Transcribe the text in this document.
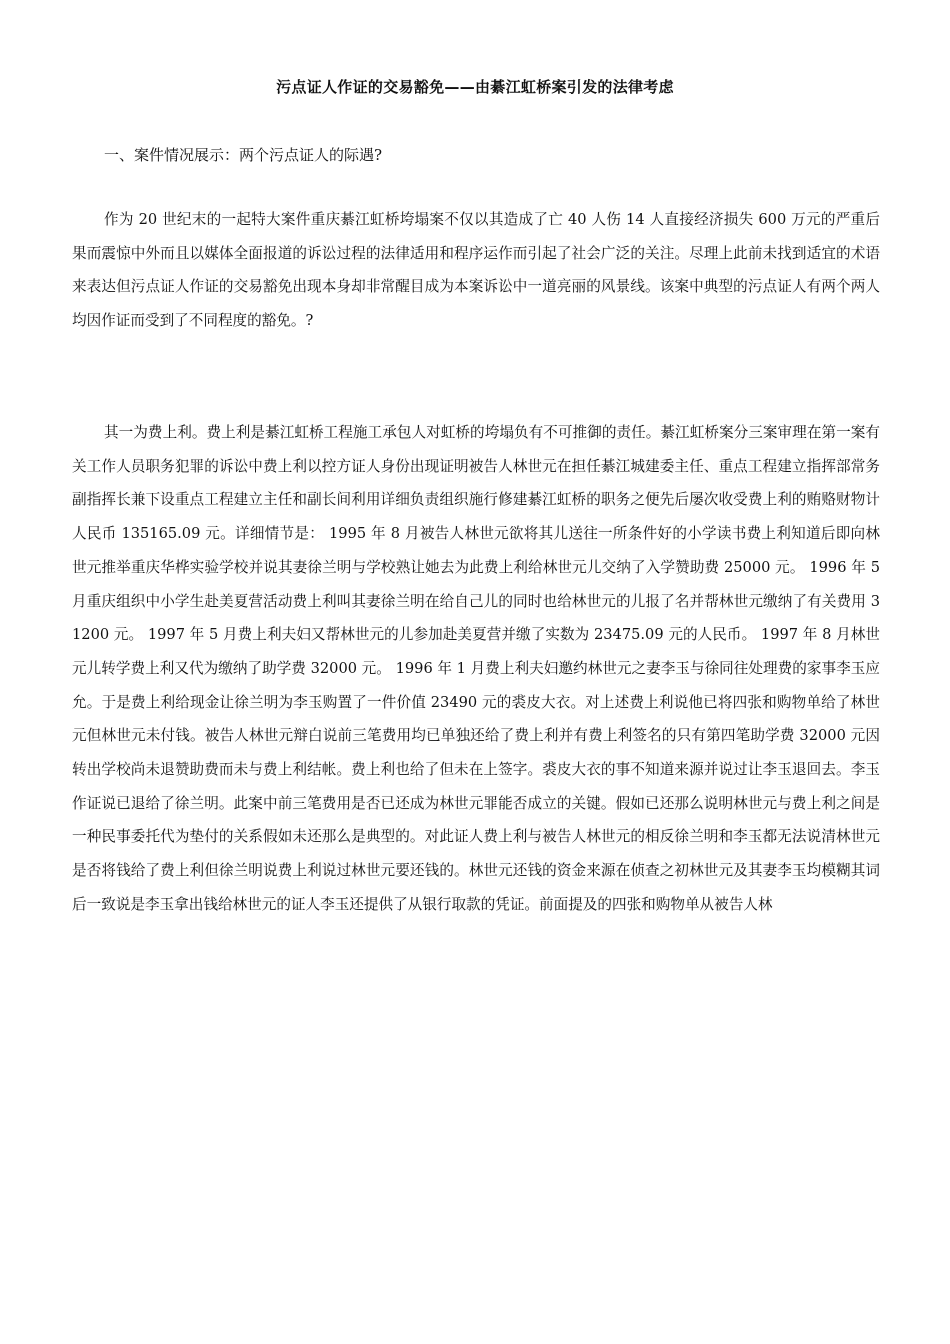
污点证人作证的交易豁免——由綦江虹桥案引发的法律考虑

一、案件情况展示：两个污点证人的际遇?

作为 20 世纪末的一起特大案件重庆綦江虹桥垮塌案不仅以其造成了亡 40 人伤 14 人直接经济损失 600 万元的严重后果而震惊中外而且以媒体全面报道的诉讼过程的法律适用和程序运作而引起了社会广泛的关注。尽理上此前未找到适宜的术语来表达但污点证人作证的交易豁免出现本身却非常醒目成为本案诉讼中一道亮丽的风景线。该案中典型的污点证人有两个两人均因作证而受到了不同程度的豁免。?

其一为费上利。费上利是綦江虹桥工程施工承包人对虹桥的垮塌负有不可推御的责任。綦江虹桥案分三案审理在第一案有关工作人员职务犯罪的诉讼中费上利以控方证人身份出现证明被告人林世元在担任綦江城建委主任、重点工程建立指挥部常务副指挥长兼下设重点工程建立主任和副长间利用详细负责组织施行修建綦江虹桥的职务之便先后屡次收受费上利的贿赂财物计人民币 135165.09 元。详细情节是： 1995 年 8 月被告人林世元欲将其儿送往一所条件好的小学读书费上利知道后即向林世元推举重庆华桦实验学校并说其妻徐兰明与学校熟让她去为此费上利给林世元儿交纳了入学赞助费 25000 元。 1996 年 5 月重庆组织中小学生赴美夏营活动费上利叫其妻徐兰明在给自己儿的同时也给林世元的儿报了名并帮林世元缴纳了有关费用 31200 元。 1997 年 5 月费上利夫妇又帮林世元的儿参加赴美夏营并缴了实数为 23475.09 元的人民币。 1997 年 8 月林世元儿转学费上利又代为缴纳了助学费 32000 元。 1996 年 1 月费上利夫妇邀约林世元之妻李玉与徐同往处理费的家事李玉应允。于是费上利给现金让徐兰明为李玉购置了一件价值 23490 元的裘皮大衣。对上述费上利说他已将四张和购物单给了林世元但林世元未付钱。被告人林世元辩白说前三笔费用均已单独还给了费上利并有费上利签名的只有第四笔助学费 32000 元因转出学校尚未退赞助费而未与费上利结帐。费上利也给了但未在上签字。裘皮大衣的事不知道来源并说过让李玉退回去。李玉作证说已退给了徐兰明。此案中前三笔费用是否已还成为林世元罪能否成立的关键。假如已还那么说明林世元与费上利之间是一种民事委托代为垫付的关系假如未还那么是典型的。对此证人费上利与被告人林世元的相反徐兰明和李玉都无法说清林世元是否将钱给了费上利但徐兰明说费上利说过林世元要还钱的。林世元还钱的资金来源在侦查之初林世元及其妻李玉均模糊其词后一致说是李玉拿出钱给林世元的证人李玉还提供了从银行取款的凭证。前面提及的四张和购物单从被告人林
